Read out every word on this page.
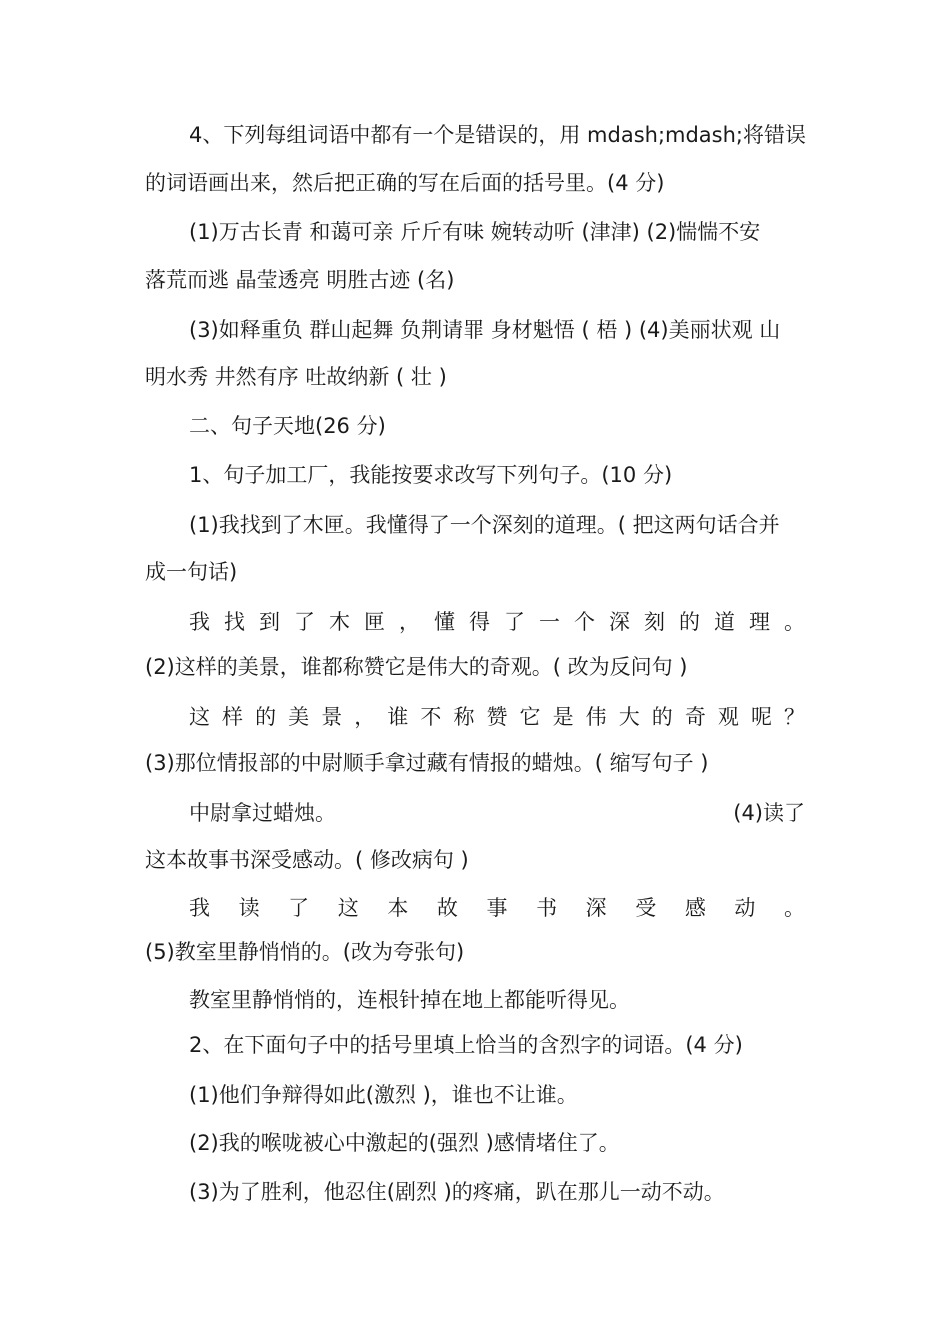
4、下列每组词语中都有一个是错误的，用 mdash;mdash;将错误
的词语画出来，然后把正确的写在后面的括号里。(4 分)
(1)万古长青 和蔼可亲 斤斤有味 婉转动听 (津津) (2)惴惴不安
落荒而逃 晶莹透亮 明胜古迹 (名)
(3)如释重负 群山起舞 负荆请罪 身材魁悟 ( 梧 ) (4)美丽状观 山
明水秀 井然有序 吐故纳新 ( 壮 )
二、句子天地(26 分)
1、句子加工厂，我能按要求改写下列句子。(10 分)
(1)我找到了木匣。我懂得了一个深刻的道理。( 把这两句话合并
成一句话)
我 找 到 了 木 匣 ， 懂 得 了 一 个 深 刻 的 道 理 。
(2)这样的美景，谁都称赞它是伟大的奇观。( 改为反问句 )
这 样 的 美 景 ， 谁 不 称 赞 它 是 伟 大 的 奇 观 呢 ？
(3)那位情报部的中尉顺手拿过藏有情报的蜡烛。( 缩写句子 )
中尉拿过蜡烛。	(4)读了
这本故事书深受感动。( 修改病句 )
我 读 了 这 本 故 事 书 深 受 感 动 。
(5)教室里静悄悄的。(改为夸张句)
教室里静悄悄的，连根针掉在地上都能听得见。
2、在下面句子中的括号里填上恰当的含烈字的词语。(4 分)
(1)他们争辩得如此(激烈 )，谁也不让谁。
(2)我的喉咙被心中激起的(强烈 )感情堵住了。
(3)为了胜利，他忍住(剧烈 )的疼痛，趴在那儿一动不动。
